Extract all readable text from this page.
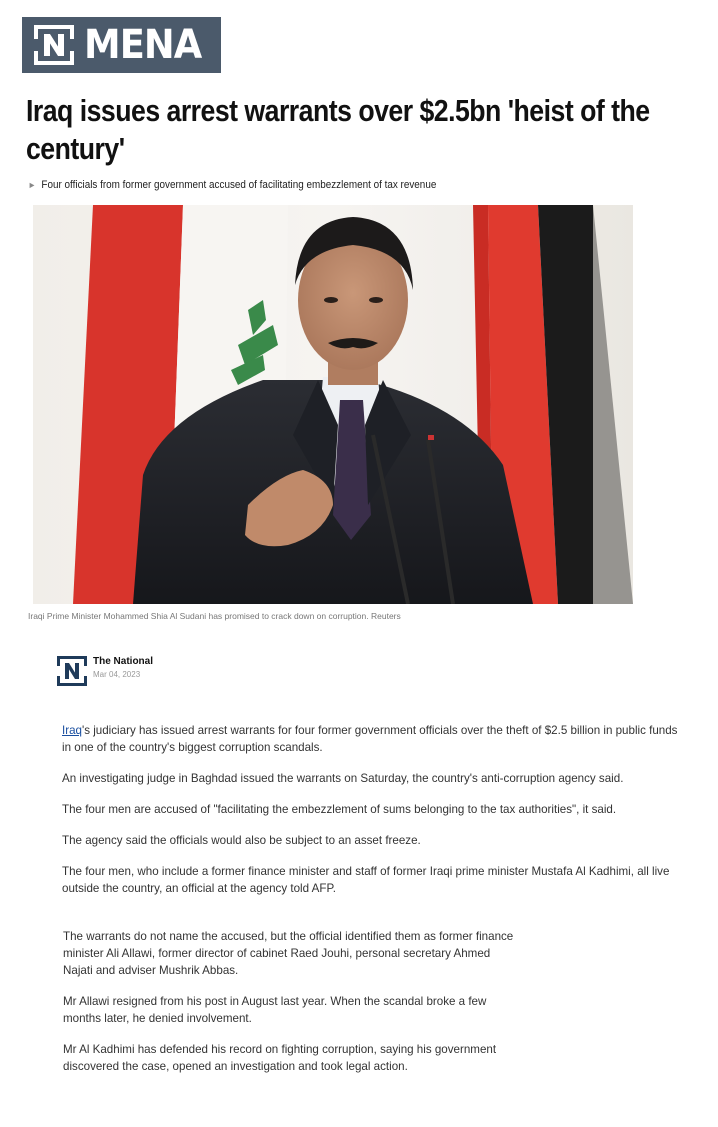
MENA
Iraq issues arrest warrants over $2.5bn 'heist of the century'
► Four officials from former government accused of facilitating embezzlement of tax revenue
Iraqi Prime Minister Mohammed Shia Al Sudani has promised to crack down on corruption. Reuters
The National
Mar 04, 2023

Iraq's judiciary has issued arrest warrants for four former government officials over the theft of $2.5 billion in public funds in one of the country's biggest corruption scandals.

An investigating judge in Baghdad issued the warrants on Saturday, the country's anti-corruption agency said.

The four men are accused of "facilitating the embezzlement of sums belonging to the tax authorities", it said.

The agency said the officials would also be subject to an asset freeze.

The four men, who include a former finance minister and staff of former Iraqi prime minister Mustafa Al Kadhimi, all live outside the country, an official at the agency told AFP.

The warrants do not name the accused, but the official identified them as former finance minister Ali Allawi, former director of cabinet Raed Jouhi, personal secretary Ahmed Najati and adviser Mushrik Abbas.

Mr Allawi resigned from his post in August last year. When the scandal broke a few months later, he denied involvement.

Mr Al Kadhimi has defended his record on fighting corruption, saying his government discovered the case, opened an investigation and took legal action.
